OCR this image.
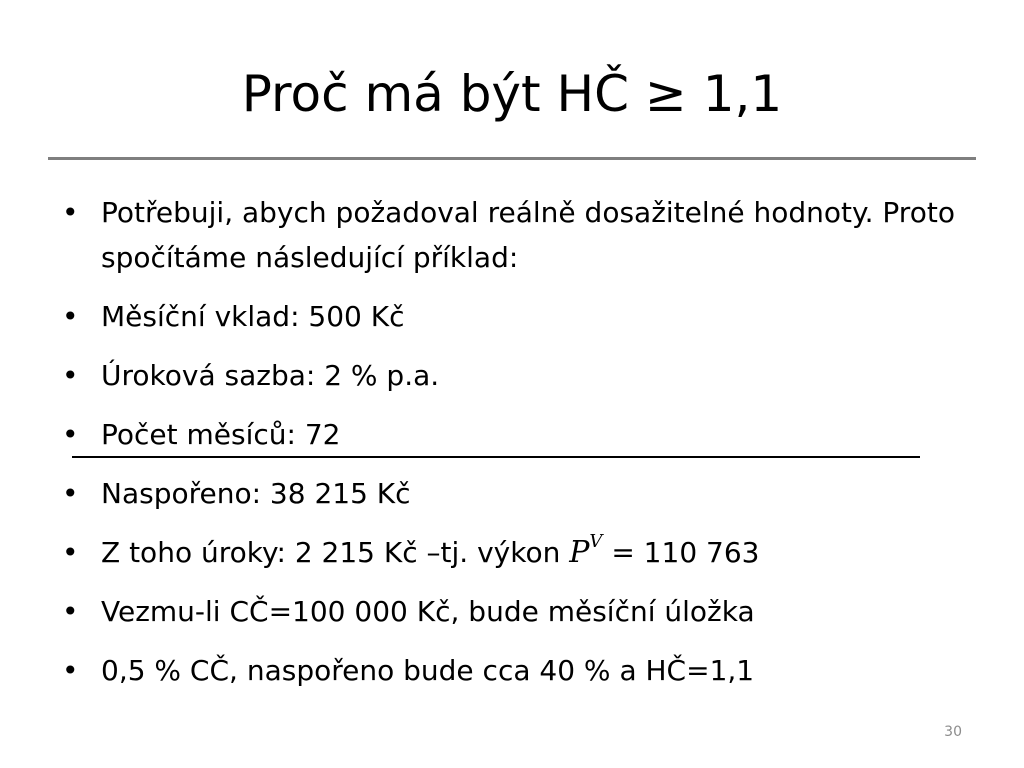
Proč má být HČ ≥ 1,1
• Potřebuji, abych požadoval reálně dosažitelné hodnoty. Proto spočítáme následující příklad:
• Měsíční vklad: 500 Kč
• Úroková sazba: 2 % p.a.
• Počet měsíců: 72
• Naspořeno: 38 215 Kč
• Z toho úroky: 2 215 Kč –tj. výkon $P^V = 110$ 763
• Vezmu-li CČ=100 000 Kč, bude měsíční úložka
• 0,5 % CČ, naspořeno bude cca 40 % a HČ=1,1
30
